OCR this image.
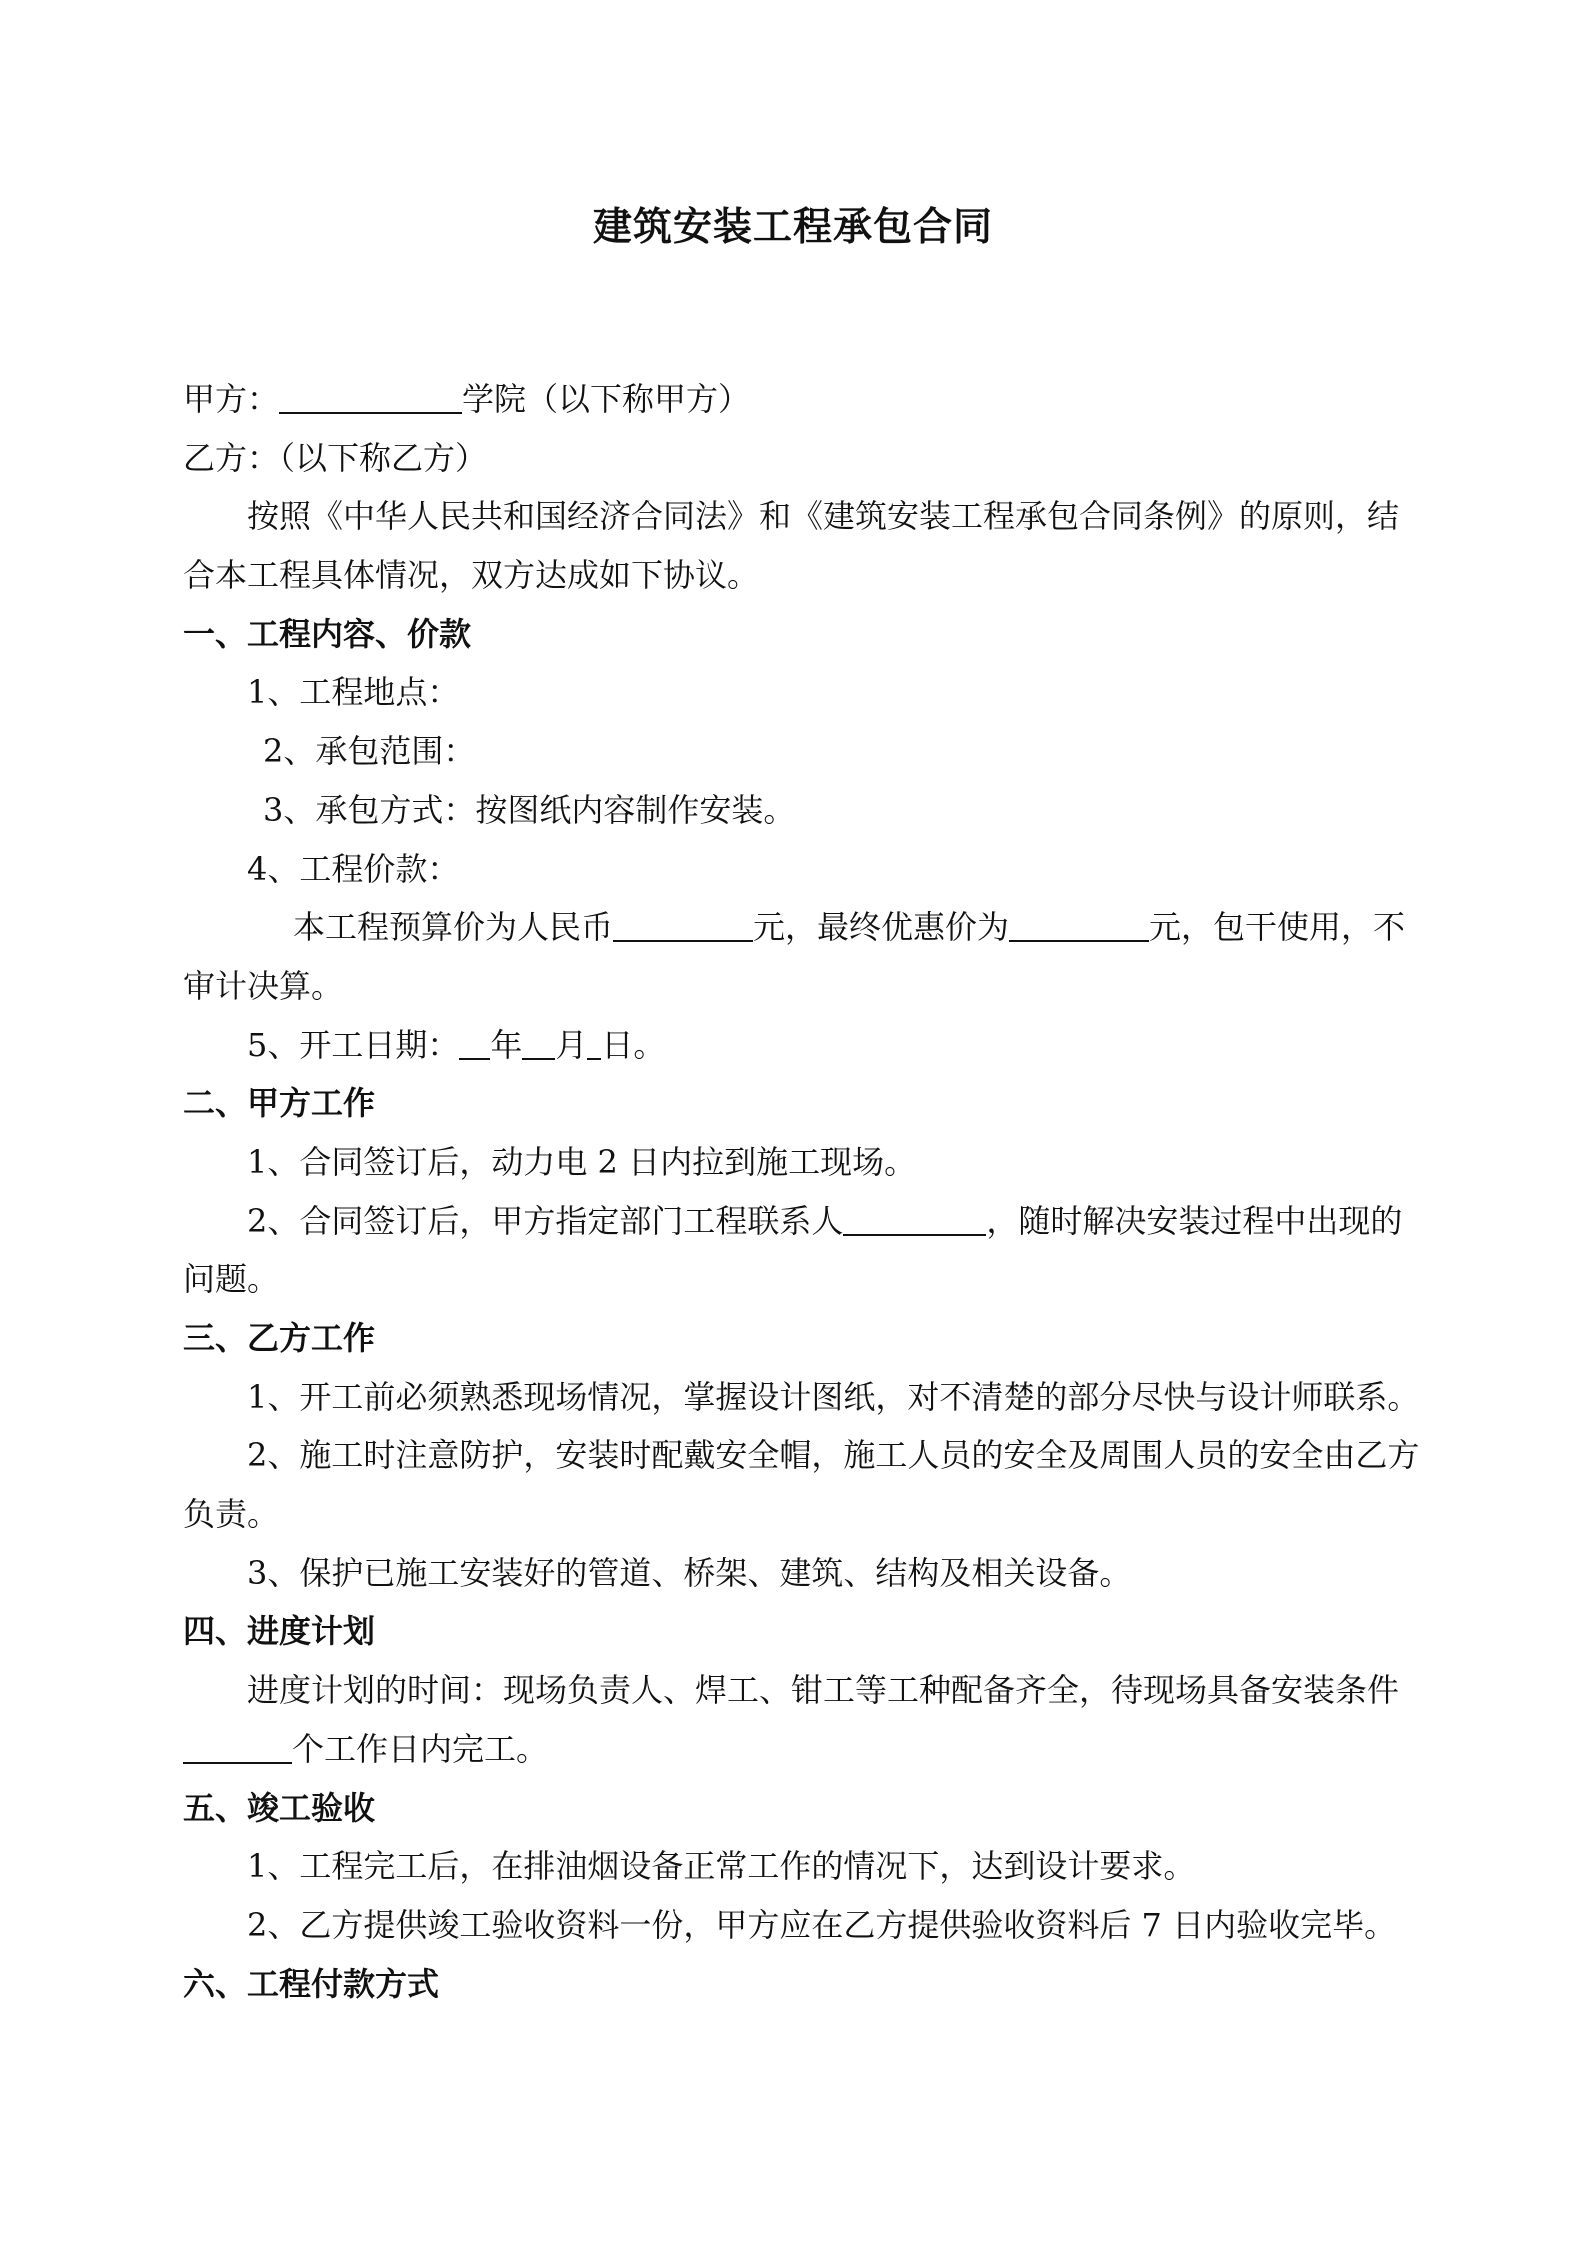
建筑安装工程承包合同
甲方：	学院（以下称甲方）
乙方：（以下称乙方）
按照《中华人民共和国经济合同法》和《建筑安装工程承包合同条例》的原则，结
合本工程具体情况，双方达成如下协议。
一、工程内容、价款
1、工程地点：
2、承包范围：
3、承包方式：按图纸内容制作安装。
4、工程价款：
本工程预算价为人民币	元，最终优惠价为	元，包干使用，不
审计决算。
5、开工日期： 年 月 日。
二、甲方工作
1、合同签订后，动力电 2 日内拉到施工现场。
2、合同签订后，甲方指定部门工程联系人	，随时解决安装过程中出现的
问题。
三、乙方工作
1、开工前必须熟悉现场情况，掌握设计图纸，对不清楚的部分尽快与设计师联系。
2、施工时注意防护，安装时配戴安全帽，施工人员的安全及周围人员的安全由乙方
负责。
3、保护已施工安装好的管道、桥架、建筑、结构及相关设备。
四、进度计划
进度计划的时间：现场负责人、焊工、钳工等工种配备齐全，待现场具备安装条件
个工作日内完工。
五、竣工验收
1、工程完工后，在排油烟设备正常工作的情况下，达到设计要求。
2、乙方提供竣工验收资料一份，甲方应在乙方提供验收资料后 7 日内验收完毕。
六、工程付款方式
